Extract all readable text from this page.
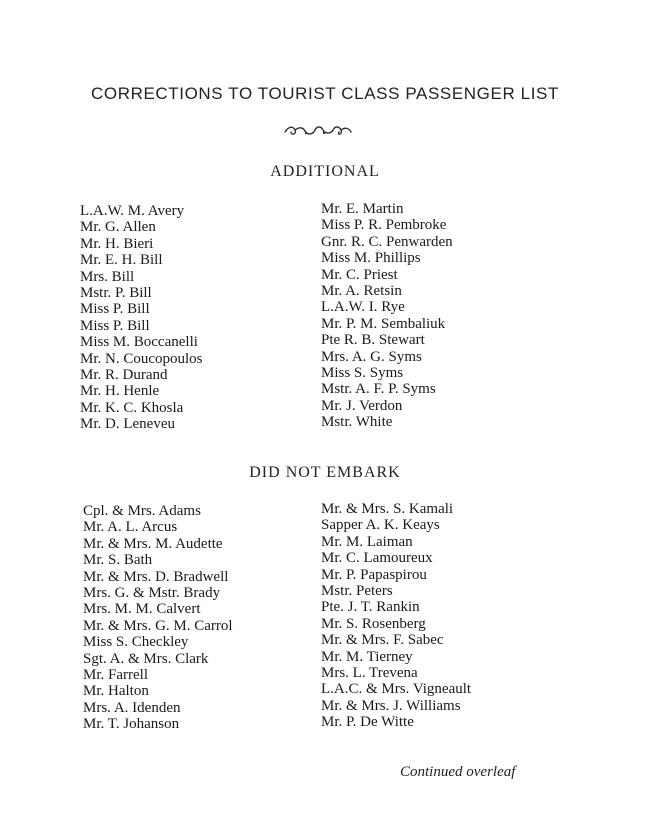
CORRECTIONS TO TOURIST CLASS PASSENGER LIST
ADDITIONAL
L.A.W. M. Avery
Mr. G. Allen
Mr. H. Bieri
Mr. E. H. Bill
Mrs. Bill
Mstr. P. Bill
Miss P. Bill
Miss P. Bill
Miss M. Boccanelli
Mr. N. Coucopoulos
Mr. R. Durand
Mr. H. Henle
Mr. K. C. Khosla
Mr. D. Leneveu
Mr. E. Martin
Miss P. R. Pembroke
Gnr. R. C. Penwarden
Miss M. Phillips
Mr. C. Priest
Mr. A. Retsin
L.A.W. I. Rye
Mr. P. M. Sembaliuk
Pte R. B. Stewart
Mrs. A. G. Syms
Miss S. Syms
Mstr. A. F. P. Syms
Mr. J. Verdon
Mstr. White
DID NOT EMBARK
Cpl. & Mrs. Adams
Mr. A. L. Arcus
Mr. & Mrs. M. Audette
Mr. S. Bath
Mr. & Mrs. D. Bradwell
Mrs. G. & Mstr. Brady
Mrs. M. M. Calvert
Mr. & Mrs. G. M. Carrol
Miss S. Checkley
Sgt. A. & Mrs. Clark
Mr. Farrell
Mr. Halton
Mrs. A. Idenden
Mr. T. Johanson
Mr. & Mrs. S. Kamali
Sapper A. K. Keays
Mr. M. Laiman
Mr. C. Lamoureux
Mr. P. Papaspirou
Mstr. Peters
Pte. J. T. Rankin
Mr. S. Rosenberg
Mr. & Mrs. F. Sabec
Mr. M. Tierney
Mrs. L. Trevena
L.A.C. & Mrs. Vigneault
Mr. & Mrs. J. Williams
Mr. P. De Witte
Continued overleaf
